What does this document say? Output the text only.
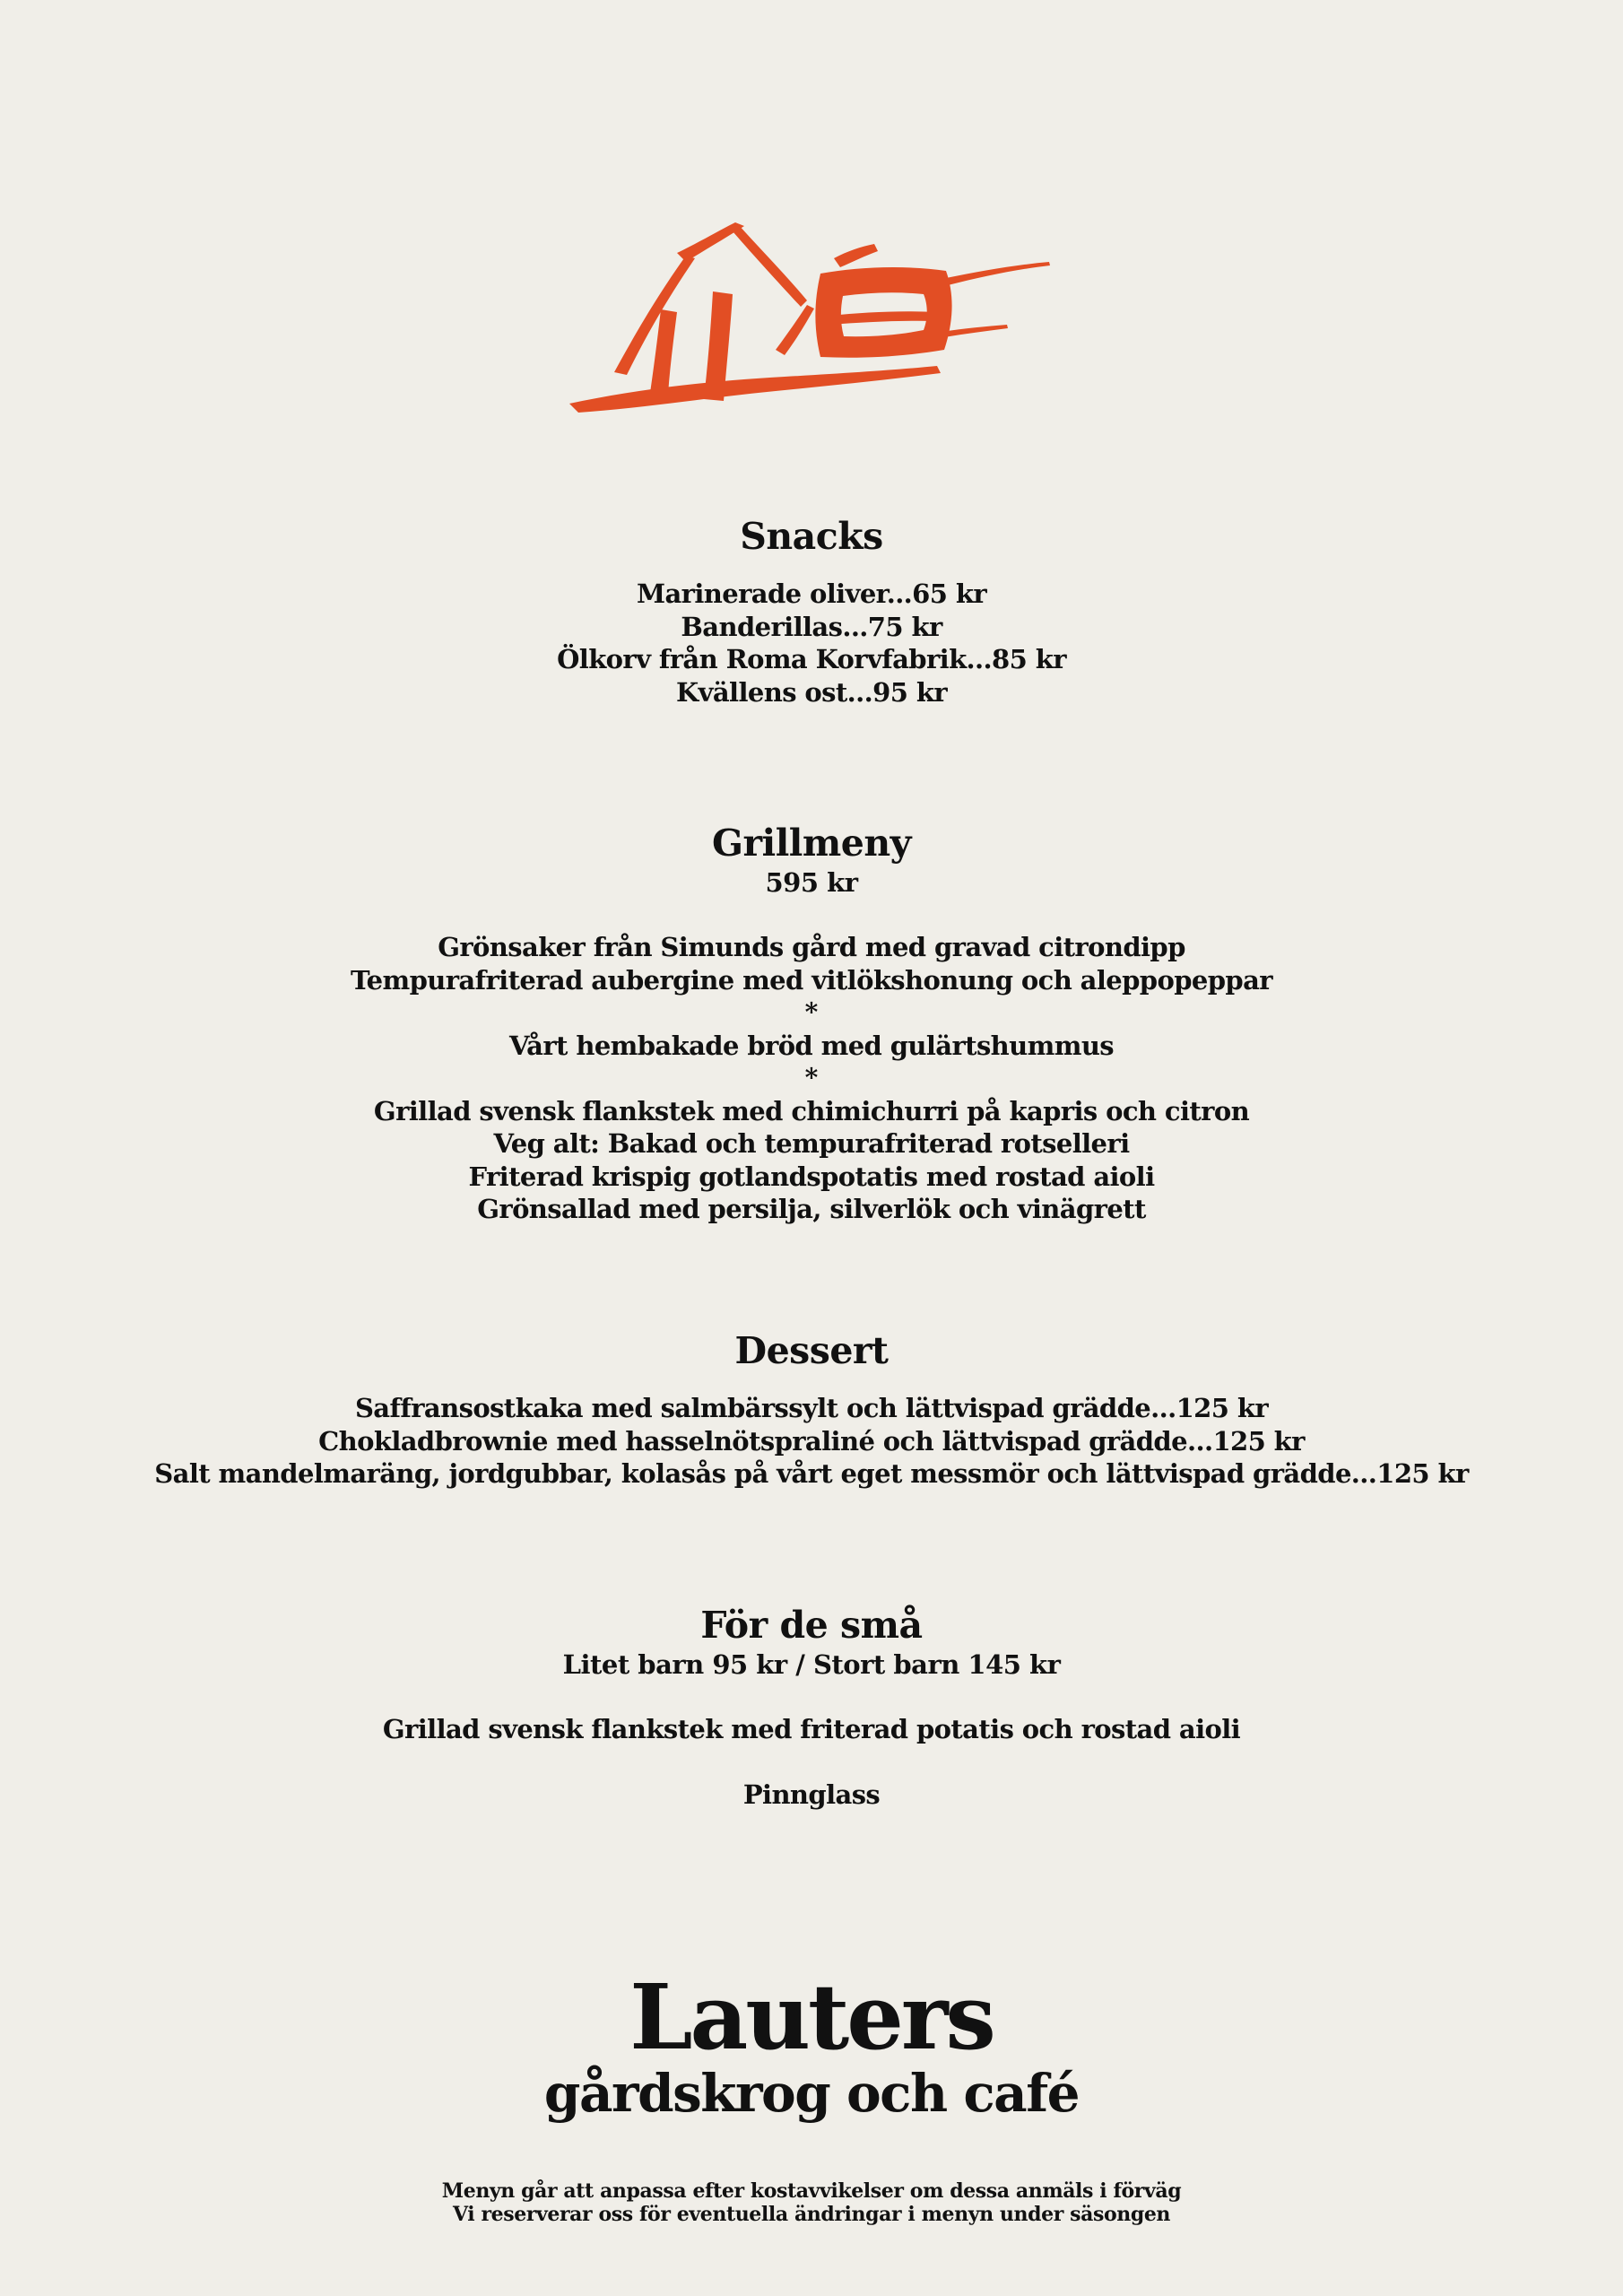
Snacks

Marinerade oliver...65 kr

Banderillas...75 kr

Ölkorv från Roma Korvfabrik...85 kr

Kvällens ost...95 kr

Grillmeny

595 kr

Grönsaker från Simunds gård med gravad citrondipp

Tempurafriterad aubergine med vitlökshonung och aleppopeppar

*

Vårt hembakade bröd med gulärtshummus

*

Grillad svensk flankstek med chimichurri på kapris och citron

Veg alt: Bakad och tempurafriterad rotselleri

Friterad krispig gotlandspotatis med rostad aioli

Grönsallad med persilja, silverlök och vinägrett

Dessert

Saffransostkaka med salmbärssylt och lättvispad grädde...125 kr

Chokladbrownie med hasselnötspraliné och lättvispad grädde...125 kr

Salt mandelmaräng, jordgubbar, kolasås på vårt eget messmör och lättvispad grädde...125 kr

För de små

Litet barn 95 kr / Stort barn 145 kr

Grillad svensk flankstek med friterad potatis och rostad aioli

Pinnglass

Lauters

gårdskrog och café

Menyn går att anpassa efter kostavvikelser om dessa anmäls i förväg

Vi reserverar oss för eventuella ändringar i menyn under säsongen
